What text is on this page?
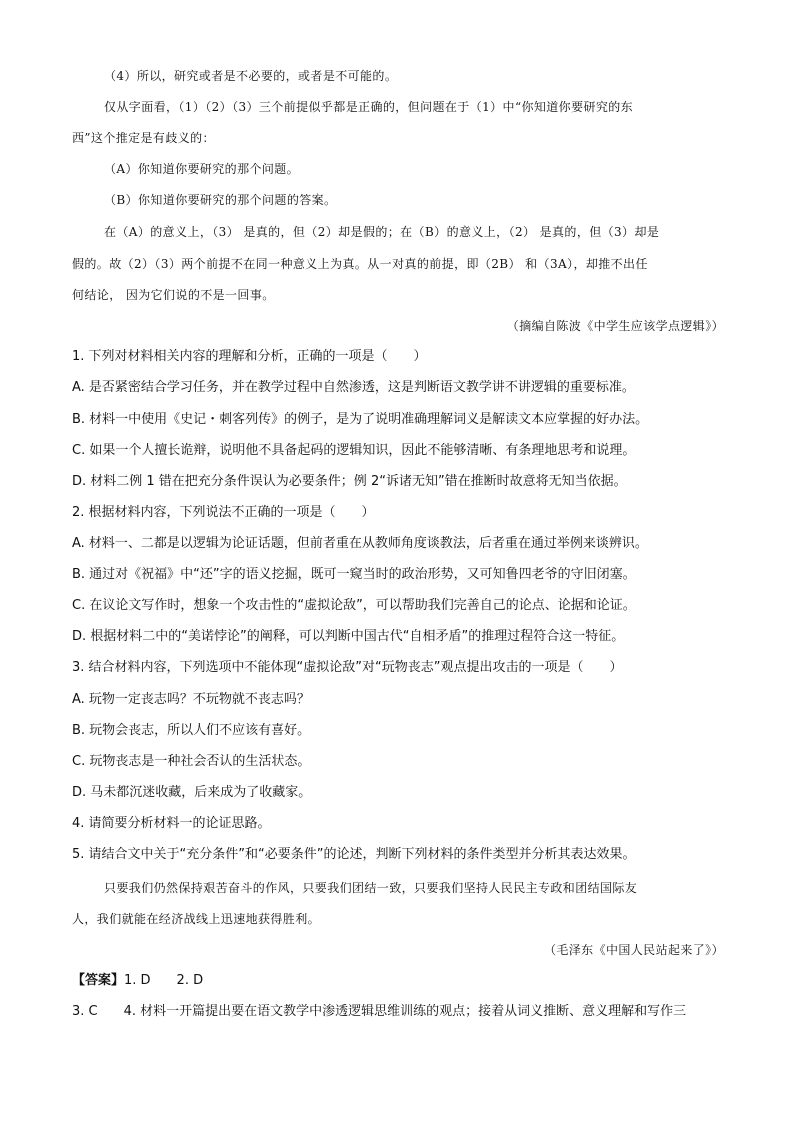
（4）所以，研究或者是不必要的，或者是不可能的。
仅从字面看，（1）（2）（3）三个前提似乎都是正确的，但问题在于（1）中“你知道你要研究的东
西”这个推定是有歧义的：
（A）你知道你要研究的那个问题。
（B）你知道你要研究的那个问题的答案。
在（A）的意义上，（3） 是真的，但（2）却是假的；在（B）的意义上，（2） 是真的，但（3）却是
假的。故（2）（3）两个前提不在同一种意义上为真。从一对真的前提，即（2B） 和（3A），却推不出任
何结论， 因为它们说的不是一回事。
（摘编自陈波《中学生应该学点逻辑》）
1. 下列对材料相关内容的理解和分析，正确的一项是（　　）
A. 是否紧密结合学习任务，并在教学过程中自然渗透，这是判断语文教学讲不讲逻辑的重要标准。
B. 材料一中使用《史记・刺客列传》的例子，是为了说明准确理解词义是解读文本应掌握的好办法。
C. 如果一个人擅长诡辩，说明他不具备起码的逻辑知识，因此不能够清晰、有条理地思考和说理。
D. 材料二例 1 错在把充分条件误认为必要条件；例 2“诉诸无知”错在推断时故意将无知当依据。
2. 根据材料内容，下列说法不正确的一项是（　　）
A. 材料一、二都是以逻辑为论证话题，但前者重在从教师角度谈教法，后者重在通过举例来谈辨识。
B. 通过对《祝福》中“还”字的语义挖掘，既可一窥当时的政治形势，又可知鲁四老爷的守旧闭塞。
C. 在议论文写作时，想象一个攻击性的“虚拟论敌”，可以帮助我们完善自己的论点、论据和论证。
D. 根据材料二中的“美诺悖论”的阐释，可以判断中国古代“自相矛盾”的推理过程符合这一特征。
3. 结合材料内容，下列选项中不能体现“虚拟论敌”对“玩物丧志”观点提出攻击的一项是（　　）
A. 玩物一定丧志吗？不玩物就不丧志吗？
B. 玩物会丧志，所以人们不应该有喜好。
C. 玩物丧志是一种社会否认的生活状态。
D. 马未都沉迷收藏，后来成为了收藏家。
4. 请简要分析材料一的论证思路。
5. 请结合文中关于“充分条件”和“必要条件”的论述，判断下列材料的条件类型并分析其表达效果。
只要我们仍然保持艰苦奋斗的作风，只要我们团结一致，只要我们坚持人民民主专政和团结国际友
人，我们就能在经济战线上迅速地获得胜利。
（毛泽东《中国人民站起来了》）
【答案】1. D　　2. D
3. C　　4. 材料一开篇提出要在语文教学中渗透逻辑思维训练的观点；接着从词义推断、意义理解和写作三
